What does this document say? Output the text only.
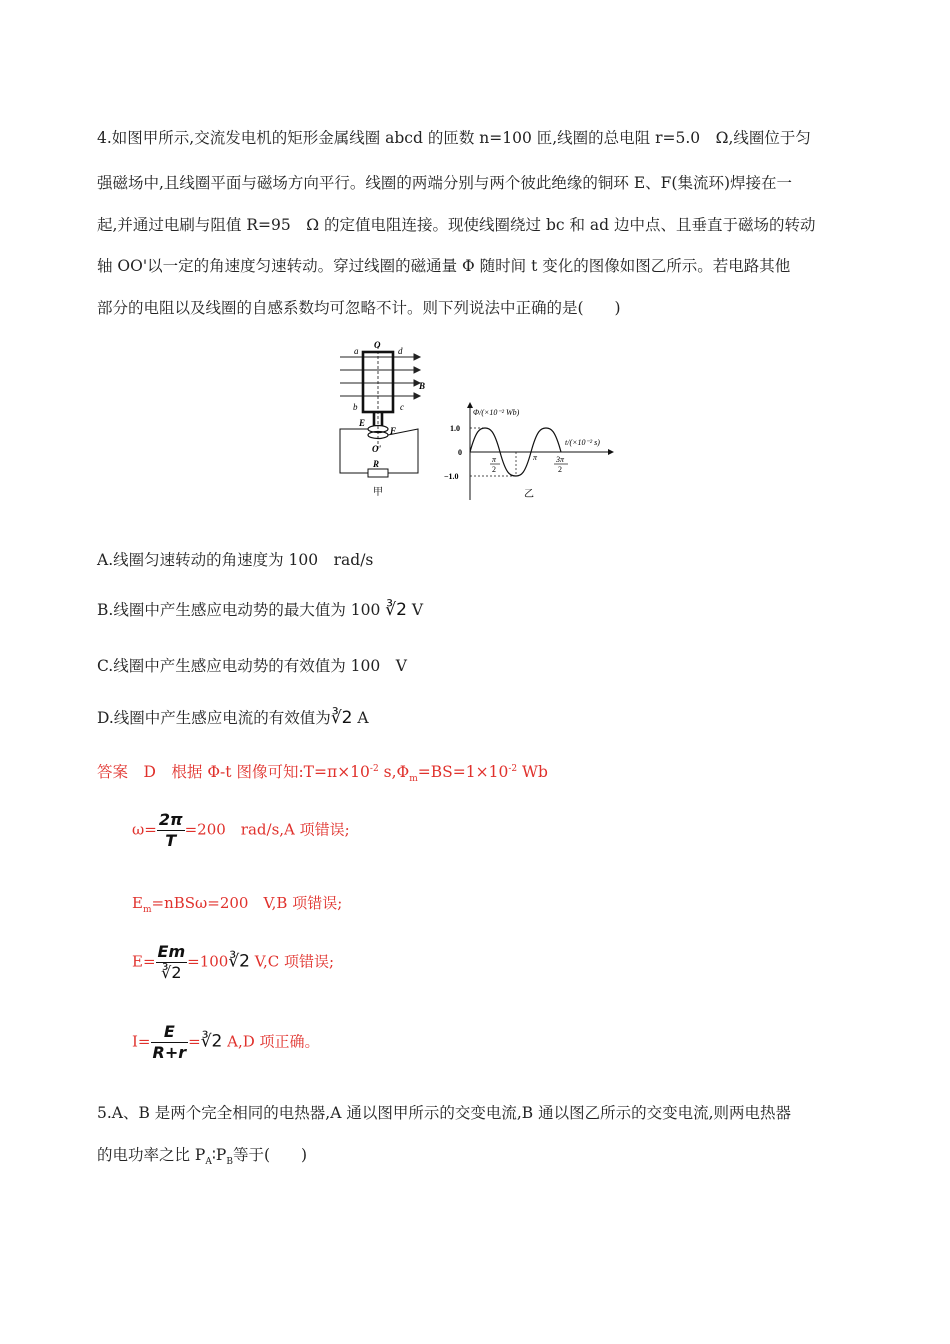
4.如图甲所示,交流发电机的矩形金属线圈 abcd 的匝数 n=100 匝,线圈的总电阻 r=5.0　Ω,线圈位于匀
强磁场中,且线圈平面与磁场方向平行。线圈的两端分别与两个彼此绝缘的铜环 E、F(集流环)焊接在一
起,并通过电刷与阻值 R=95　Ω 的定值电阻连接。现使线圈绕过 bc 和 ad 边中点、且垂直于磁场的转动
轴 OO'以一定的角速度匀速转动。穿过线圈的磁通量 Φ 随时间 t 变化的图像如图乙所示。若电路其他
部分的电阻以及线圈的自感系数均可忽略不计。则下列说法中正确的是(　　)
a
O
d
B
b	c
E
F
O'
R
甲
Φ/(×10⁻² Wb)
t/(×10⁻² s)
1.0
0
−1.0
π
2
π 3π
2
乙
A.线圈匀速转动的角速度为 100　rad/s
B.线圈中产生感应电动势的最大值为 100 ∛2 V
C.线圈中产生感应电动势的有效值为 100　V
D.线圈中产生感应电流的有效值为∛2 A
答案　D　根据 Φ-t 图像可知$:T=\pi\times 10^{-2}$ $s,\Phi_m=BS=1\times 10^{-2}$ Wb
$\omega= \frac{2\pi}{T} =200$　rad/s,A 项错误;
$E_m=nBS\omega=200$　V,B 项错误;
$E= \frac{Em}{∛2}$ =100∛2 V,C 项错误;
$I= \frac{E}{R+r}$ =∛2 A,D 项正确。
5.A、B 是两个完全相同的电热器,A 通以图甲所示的交变电流,B 通以图乙所示的交变电流,则两电热器
的电功率之比 $P_A∶P_B$等于(　　)
